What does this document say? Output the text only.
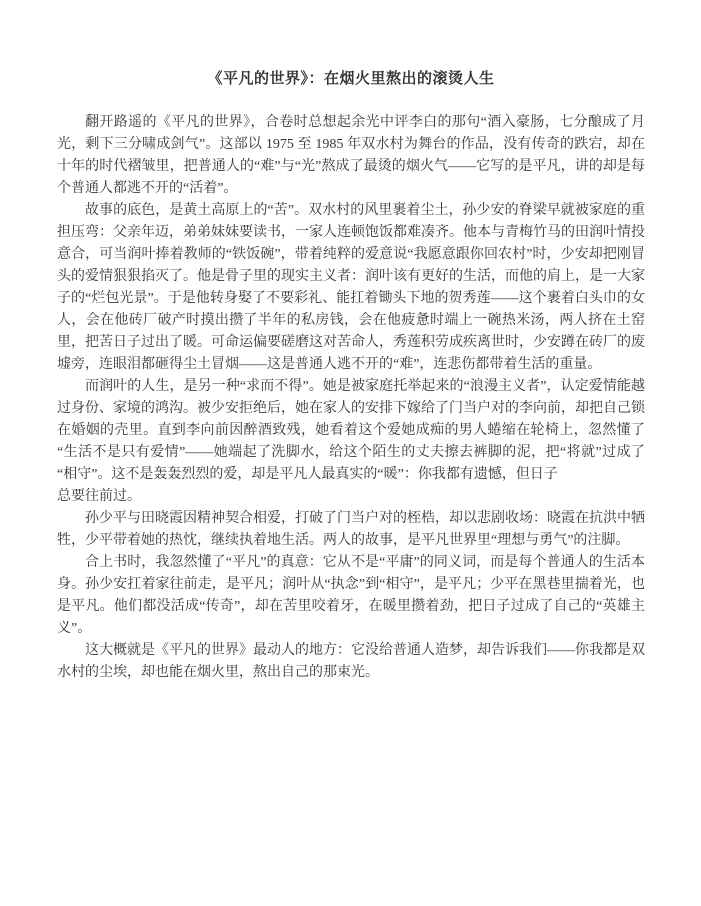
《平凡的世界》：在烟火里熬出的滚烫人生

翻开路遥的《平凡的世界》，合卷时总想起余光中评李白的那句“酒入豪肠，七分酿成了月光，剩下三分啸成剑气”。这部以 1975 至 1985 年双水村为舞台的作品，没有传奇的跌宕，却在十年的时代褶皱里，把普通人的“难”与“光”熬成了最烫的烟火气——它写的是平凡，讲的却是每个普通人都逃不开的“活着”。

故事的底色，是黄土高原上的“苦”。双水村的风里裹着尘土，孙少安的脊梁早就被家庭的重担压弯：父亲年迈，弟弟妹妹要读书，一家人连顿饱饭都难凑齐。他本与青梅竹马的田润叶情投意合，可当润叶捧着教师的“铁饭碗”，带着纯粹的爱意说“我愿意跟你回农村”时，少安却把刚冒头的爱情狠狠掐灭了。他是骨子里的现实主义者：润叶该有更好的生活，而他的肩上，是一大家子的“烂包光景”。于是他转身娶了不要彩礼、能扛着锄头下地的贺秀莲——这个裹着白头巾的女人，会在他砖厂破产时摸出攒了半年的私房钱，会在他疲惫时端上一碗热米汤，两人挤在土窑里，把苦日子过出了暖。可命运偏要磋磨这对苦命人，秀莲积劳成疾离世时，少安蹲在砖厂的废墟旁，连眼泪都砸得尘土冒烟——这是普通人逃不开的“难”，连悲伤都带着生活的重量。

而润叶的人生，是另一种“求而不得”。她是被家庭托举起来的“浪漫主义者”，认定爱情能越过身份、家境的鸿沟。被少安拒绝后，她在家人的安排下嫁给了门当户对的李向前，却把自己锁在婚姻的壳里。直到李向前因醉酒致残，她看着这个爱她成痴的男人蜷缩在轮椅上，忽然懂了“生活不是只有爱情”——她端起了洗脚水，给这个陌生的丈夫擦去裤脚的泥，把“将就”过成了“相守”。这不是轰轰烈烈的爱，却是平凡人最真实的“暖”：你我都有遗憾，但日子

总要往前过。

孙少平与田晓霞因精神契合相爱，打破了门当户对的桎梏，却以悲剧收场：晓霞在抗洪中牺牲，少平带着她的热忱，继续执着地生活。两人的故事，是平凡世界里“理想与勇气”的注脚。

合上书时，我忽然懂了“平凡”的真意：它从不是“平庸”的同义词，而是每个普通人的生活本身。孙少安扛着家往前走，是平凡；润叶从“执念”到“相守”，是平凡；少平在黑巷里揣着光，也是平凡。他们都没活成“传奇”，却在苦里咬着牙，在暖里攒着劲，把日子过成了自己的“英雄主义”。

这大概就是《平凡的世界》最动人的地方：它没给普通人造梦，却告诉我们——你我都是双水村的尘埃，却也能在烟火里，熬出自己的那束光。
